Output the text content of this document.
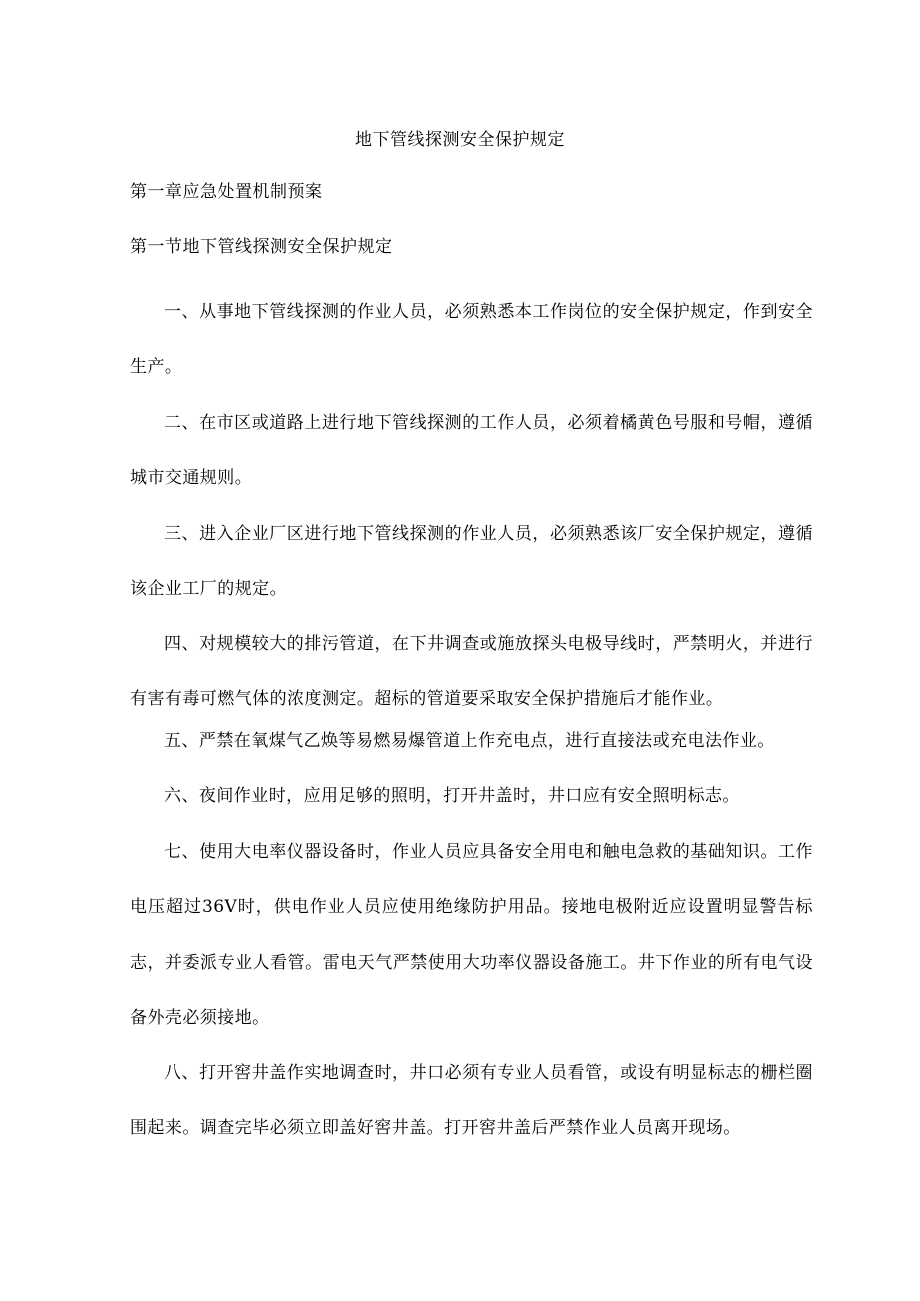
地下管线探测安全保护规定
第一章应急处置机制预案
第一节地下管线探测安全保护规定

一、从事地下管线探测的作业人员，必须熟悉本工作岗位的安全保护规定，作到安全生产。

二、在市区或道路上进行地下管线探测的工作人员，必须着橘黄色号服和号帽，遵循城市交通规则。

三、进入企业厂区进行地下管线探测的作业人员，必须熟悉该厂安全保护规定，遵循该企业工厂的规定。

四、对规模较大的排污管道，在下井调查或施放探头电极导线时，严禁明火，并进行有害有毒可燃气体的浓度测定。超标的管道要采取安全保护措施后才能作业。

五、严禁在氧煤气乙焕等易燃易爆管道上作充电点，进行直接法或充电法作业。

六、夜间作业时，应用足够的照明，打开井盖时，井口应有安全照明标志。

七、使用大电率仪器设备时，作业人员应具备安全用电和触电急救的基础知识。工作电压超过36V时，供电作业人员应使用绝缘防护用品。接地电极附近应设置明显警告标志，并委派专业人看管。雷电天气严禁使用大功率仪器设备施工。井下作业的所有电气设备外壳必须接地。

八、打开窖井盖作实地调查时，井口必须有专业人员看管，或设有明显标志的栅栏圈围起来。调查完毕必须立即盖好窖井盖。打开窖井盖后严禁作业人员离开现场。
